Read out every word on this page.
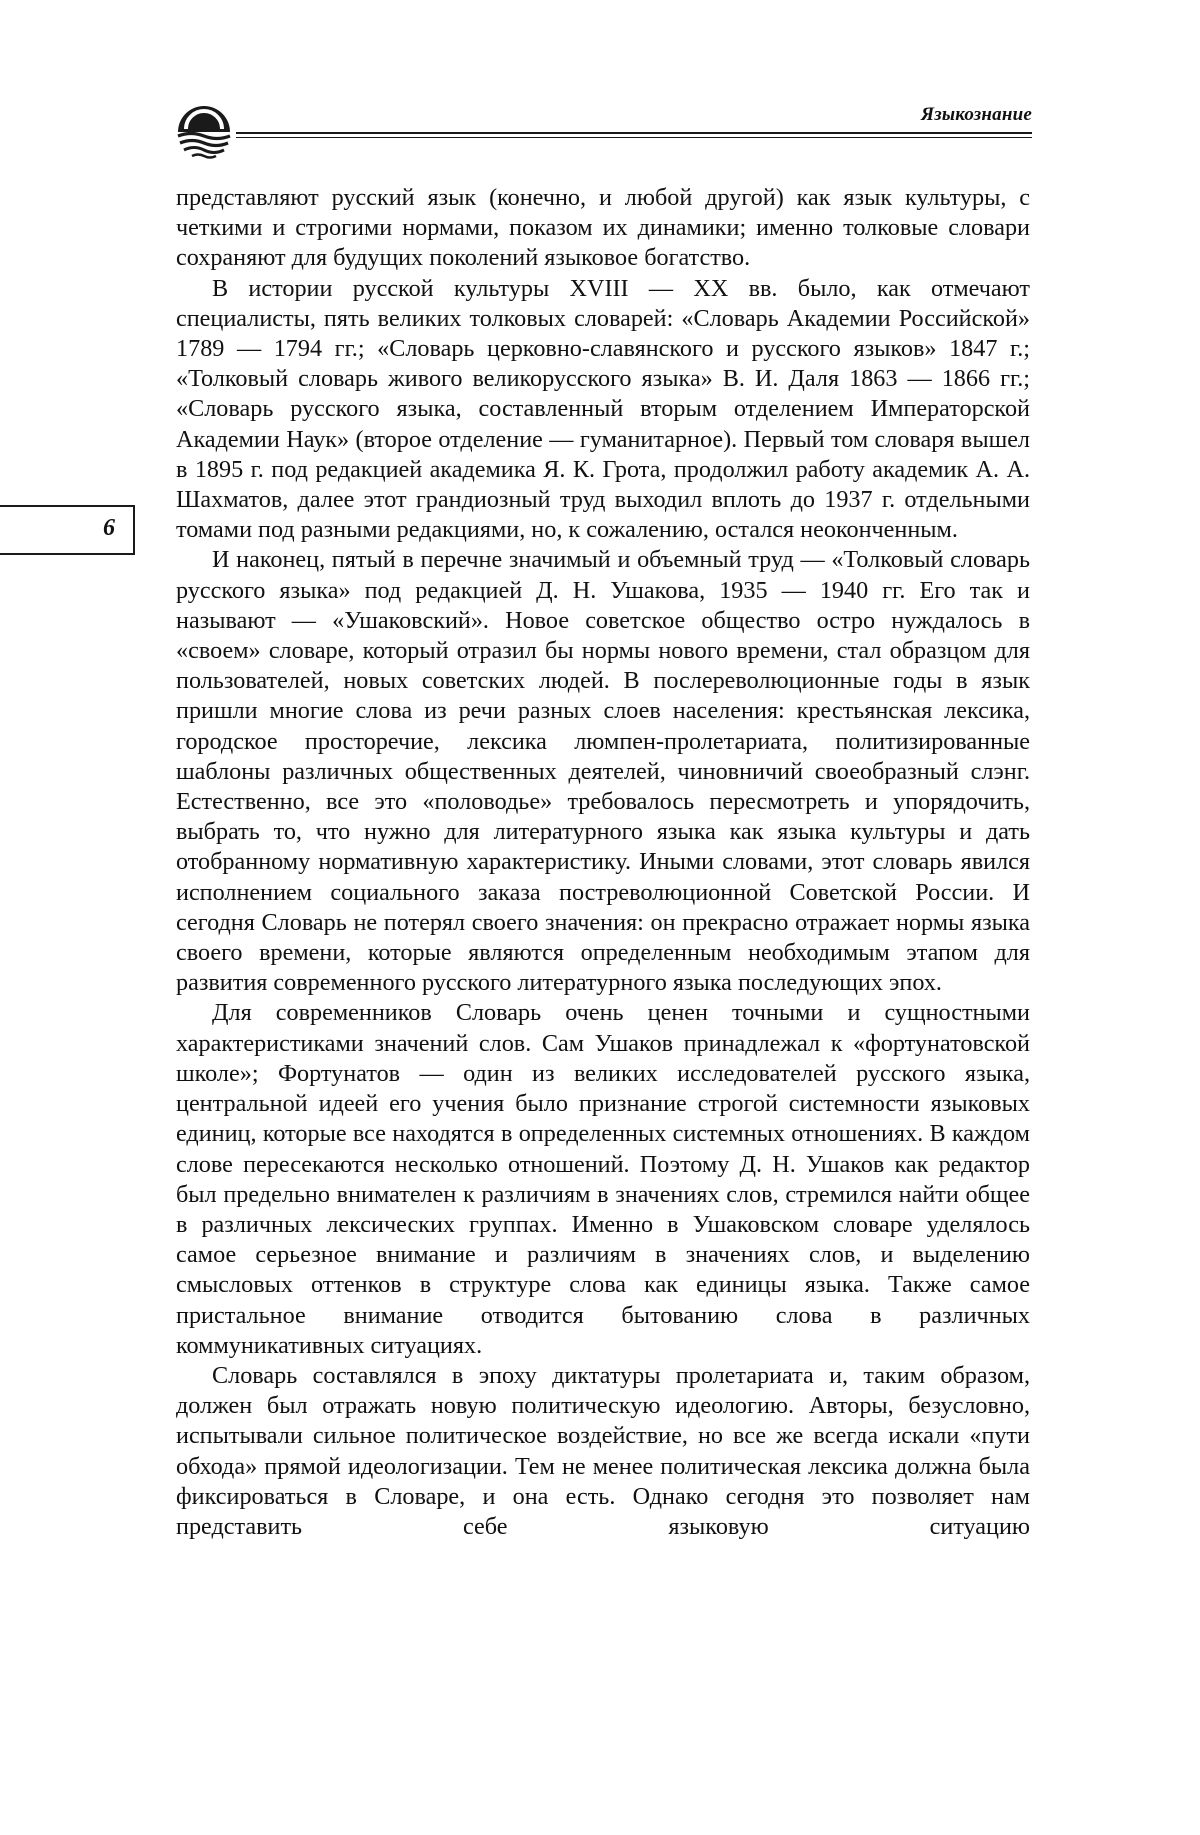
Языкознание
6

представляют русский язык (конечно, и любой другой) как язык культуры, с четкими и строгими нормами, показом их динамики; именно толковые словари сохраняют для будущих поколений языковое богатство.

В истории русской культуры XVIII — XX вв. было, как отмечают специалисты, пять великих толковых словарей: «Словарь Академии Российской» 1789 — 1794 гг.; «Словарь церковно-славянского и русского языков» 1847 г.; «Толковый словарь живого великорусского языка» В. И. Даля 1863 — 1866 гг.; «Словарь русского языка, составленный вторым отделением Императорской Академии Наук» (второе отделение — гуманитарное). Первый том словаря вышел в 1895 г. под редакцией академика Я. К. Грота, продолжил работу академик А. А. Шахматов, далее этот грандиозный труд выходил вплоть до 1937 г. отдельными томами под разными редакциями, но, к сожалению, остался неоконченным.

И наконец, пятый в перечне значимый и объемный труд — «Толковый словарь русского языка» под редакцией Д. Н. Ушакова, 1935 — 1940 гг. Его так и называют — «Ушаковский». Новое советское общество остро нуждалось в «своем» словаре, который отразил бы нормы нового времени, стал образцом для пользователей, новых советских людей. В послереволюционные годы в язык пришли многие слова из речи разных слоев населения: крестьянская лексика, городское просторечие, лексика люмпен-пролетариата, политизированные шаблоны различных общественных деятелей, чиновничий своеобразный слэнг. Естественно, все это «половодье» требовалось пересмотреть и упорядочить, выбрать то, что нужно для литературного языка как языка культуры и дать отобранному нормативную характеристику. Иными словами, этот словарь явился исполнением социального заказа постреволюционной Советской России. И сегодня Словарь не потерял своего значения: он прекрасно отражает нормы языка своего времени, которые являются определенным необходимым этапом для развития современного русского литературного языка последующих эпох.

Для современников Словарь очень ценен точными и сущностными характеристиками значений слов. Сам Ушаков принадлежал к «фортунатовской школе»; Фортунатов — один из великих исследователей русского языка, центральной идеей его учения было признание строгой системности языковых единиц, которые все находятся в определенных системных отношениях. В каждом слове пересекаются несколько отношений. Поэтому Д. Н. Ушаков как редактор был предельно внимателен к различиям в значениях слов, стремился найти общее в различных лексических группах. Именно в Ушаковском словаре уделялось самое серьезное внимание и различиям в значениях слов, и выделению смысловых оттенков в структуре слова как единицы языка. Также самое пристальное внимание отводится бытованию слова в различных коммуникативных ситуациях.

Словарь составлялся в эпоху диктатуры пролетариата и, таким образом, должен был отражать новую политическую идеологию. Авторы, безусловно, испытывали сильное политическое воздействие, но все же всегда искали «пути обхода» прямой идеологизации. Тем не менее политическая лексика должна была фиксироваться в Словаре, и она есть. Однако сегодня это позволяет нам представить себе языковую ситуацию
